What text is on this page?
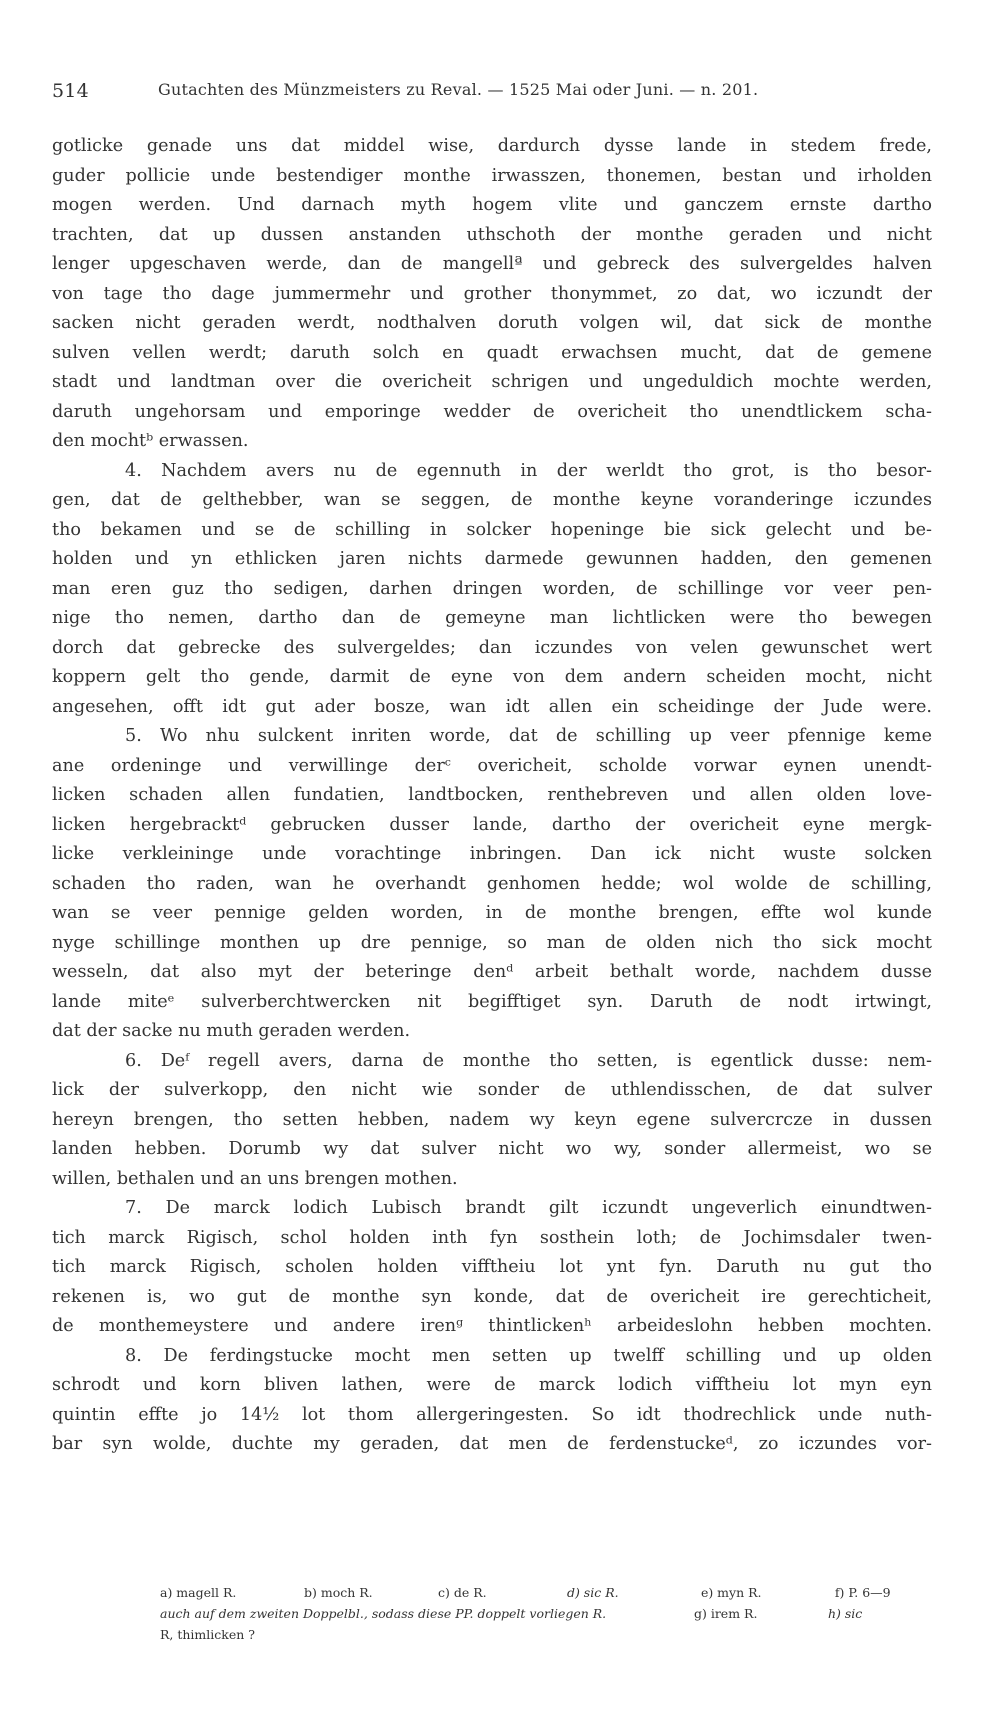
514	Gutachten des Münzmeisters zu Reval. — 1525 Mai oder Juni. — n. 201.
gotlicke genade uns dat middel wise, dardurch dysse lande in stedem frede,
guder pollicie unde bestendiger monthe irwasszen, thonemen, bestan und irholden
mogen werden. Und darnach myth hogem vlite und ganczem ernste dartho
trachten, dat up dussen anstanden uthschoth der monthe geraden und nicht
lenger upgeschaven werde, dan de mangellª und gebreck des sulvergeldes halven
von tage tho dage jummermehr und grother thonymmet, zo dat, wo iczundt der
sacken nicht geraden werdt, nodthalven doruth volgen wil, dat sick de monthe
sulven vellen werdt; daruth solch en quadt erwachsen mucht, dat de gemene
stadt und landtman over die overicheit schrigen und ungeduldich mochte werden,
daruth ungehorsam und emporinge wedder de overicheit tho unendtlickem scha-
den mochtᵇ erwassen.
4. Nachdem avers nu de egennuth in der werldt tho grot, is tho besor-
gen, dat de gelthebber, wan se seggen, de monthe keyne voranderinge iczundes
tho bekamen und se de schilling in solcker hopeninge bie sick gelecht und be-
holden und yn ethlicken jaren nichts darmede gewunnen hadden, den gemenen
man eren guz tho sedigen, darhen dringen worden, de schillinge vor veer pen-
nige tho nemen, dartho dan de gemeyne man lichtlicken were tho bewegen
dorch dat gebrecke des sulvergeldes; dan iczundes von velen gewunschet wert
koppern gelt tho gende, darmit de eyne von dem andern scheiden mocht, nicht
angesehen, offt idt gut ader bosze, wan idt allen ein scheidinge der Jude were.
5. Wo nhu sulckent inriten worde, dat de schilling up veer pfennige keme
ane ordeninge und verwillinge derᶜ overicheit, scholde vorwar eynen unendt-
licken schaden allen fundatien, landtbocken, renthebreven und allen olden love-
licken hergebracktᵈ gebrucken dusser lande, dartho der overicheit eyne mergk-
licke verkleininge unde vorachtinge inbringen. Dan ick nicht wuste solcken
schaden tho raden, wan he overhandt genhomen hedde; wol wolde de schilling,
wan se veer pennige gelden worden, in de monthe brengen, effte wol kunde
nyge schillinge monthen up dre pennige, so man de olden nich tho sick mocht
wesseln, dat also myt der beteringe denᵈ arbeit bethalt worde, nachdem dusse
lande miteᵉ sulverberchtwercken nit begifftiget syn. Daruth de nodt irtwingt,
dat der sacke nu muth geraden werden.
6. Deᶠ regell avers, darna de monthe tho setten, is egentlick dusse: nem-
lick der sulverkopp, den nicht wie sonder de uthlendisschen, de dat sulver
hereyn brengen, tho setten hebben, nadem wy keyn egene sulvercrcze in dussen
landen hebben. Dorumb wy dat sulver nicht wo wy, sonder allermeist, wo se
willen, bethalen und an uns brengen mothen.
7. De marck lodich Lubisch brandt gilt iczundt ungeverlich einundtwen-
tich marck Rigisch, schol holden inth fyn sosthein loth; de Jochimsdaler twen-
tich marck Rigisch, scholen holden vifftheiu lot ynt fyn. Daruth nu gut tho
rekenen is, wo gut de monthe syn konde, dat de overicheit ire gerechticheit,
de monthemeystere und andere irenᵍ thintlickenʰ arbeideslohn hebben mochten.
8. De ferdingstucke mocht men setten up twelff schilling und up olden
schrodt und korn bliven lathen, were de marck lodich vifftheiu lot myn eyn
quintin effte jo 14½ lot thom allergeringesten. So idt thodrechlick unde nuth-
bar syn wolde, duchte my geraden, dat men de ferdenstuckeᵈ, zo iczundes vor-
a) magell R.	b) moch R.	c) de R.	d) sic R.	e) myn R.	f) P. 6—9
auch auf dem zweiten Doppelbl., sodass diese PP. doppelt vorliegen R.	g) irem R.	h) sic
R, thimlicken ?
